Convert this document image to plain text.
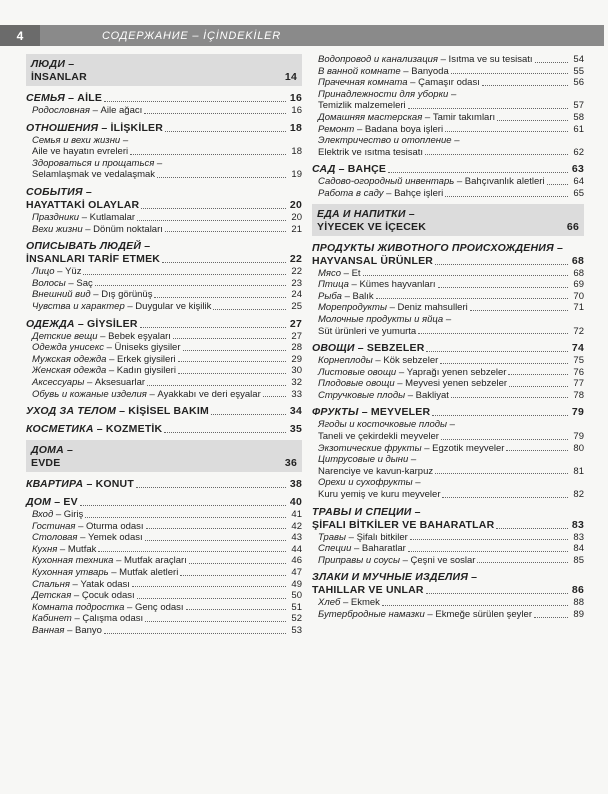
4	СОДЕРЖАНИЕ – İÇİNDEKİLER
ЛЮДИ –
İNSANLAR	14
СЕМЬЯ – AİLE	16
Родословная – Aile ağacı	16
ОТНОШЕНИЯ – İLİŞKİLER	18
Семья и вехи жизни –
Aile ve hayatın evreleri	18
Здороваться и прощаться –
Selamlaşmak ve vedalaşmak	19
СОБЫТИЯ –
HAYATTAKİ OLAYLAR	20
Праздники – Kutlamalar	20
Вехи жизни – Dönüm noktaları	21
ОПИСЫВАТЬ ЛЮДЕЙ –
İNSANLARI TARİF ETMEK	22
Лицо – Yüz	22
Волосы – Saç	23
Внешний вид – Dış görünüş	24
Чувства и характер – Duygular ve kişilik	25
ОДЕЖДА – GİYSİLER	27
Детские вещи – Bebek eşyaları	27
Одежда унисекс – Üniseks giysiler	28
Мужская одежда – Erkek giysileri	29
Женская одежда – Kadın giysileri	30
Аксессуары – Aksesuarlar	32
Обувь и кожаные изделия – Ayakkabı ve deri eşyalar	33
УХОД ЗА ТЕЛОМ – KİŞİSEL BAKIM	34
КОСМЕТИКА – KOZMETİK	35
ДОМА –
EVDE	36
КВАРТИРА – KONUT	38
ДОМ – EV	40
Вход – Giriş	41
Гостиная – Oturma odası	42
Столовая – Yemek odası	43
Кухня – Mutfak	44
Кухонная техника – Mutfak araçları	46
Кухонная утварь – Mutfak aletleri	47
Спальня – Yatak odası	49
Детская – Çocuk odası	50
Комната подростка – Genç odası	51
Кабинет – Çalışma odası	52
Ванная – Banyo	53
Водопровод и канализация – Isıtma ve su tesisatı	54
В ванной комнате – Banyoda	55
Прачечная комната – Çamaşır odası	56
Принадлежности для уборки –
Temizlik malzemeleri	57
Домашняя мастерская – Tamir takımları	58
Ремонт – Badana boya işleri	61
Электричество и отопление –
Elektrik ve ısıtma tesisatı	62
САД – BAHÇE	63
Садово-огородный инвентарь – Bahçıvanlık aletleri	64
Работа в саду – Bahçe işleri	65
ЕДА И НАПИТКИ –
YİYECEK VE İÇECEK	66
ПРОДУКТЫ ЖИВОТНОГО ПРОИСХОЖДЕНИЯ –
HAYVANSAL ÜRÜNLER	68
Мясо – Et	68
Птица – Kümes hayvanları	69
Рыба – Balık	70
Морепродукты – Deniz mahsulleri	71
Молочные продукты и яйца –
Süt ürünleri ve yumurta	72
ОВОЩИ – SEBZELER	74
Корнеплоды – Kök sebzeler	75
Листовые овощи – Yaprağı yenen sebzeler	76
Плодовые овощи – Meyvesi yenen sebzeler	77
Стручковые плоды – Bakliyat	78
ФРУКТЫ – MEYVELER	79
Ягоды и косточковые плоды –
Taneli ve çekirdekli meyveler	79
Экзотические фрукты – Egzotik meyveler	80
Цитрусовые и дыни –
Narenciye ve kavun-karpuz	81
Орехи и сухофрукты –
Kuru yemiş ve kuru meyveler	82
ТРАВЫ И СПЕЦИИ –
ŞİFALI BİTKİLER VE BAHARATLAR	83
Травы – Şifalı bitkiler	83
Специи – Baharatlar	84
Приправы и соусы – Çeşni ve soslar	85
ЗЛАКИ И МУЧНЫЕ ИЗДЕЛИЯ –
TAHILLAR VE UNLAR	86
Хлеб – Ekmek	88
Бутербродные намазки – Ekmeğe sürülen şeyler	89
